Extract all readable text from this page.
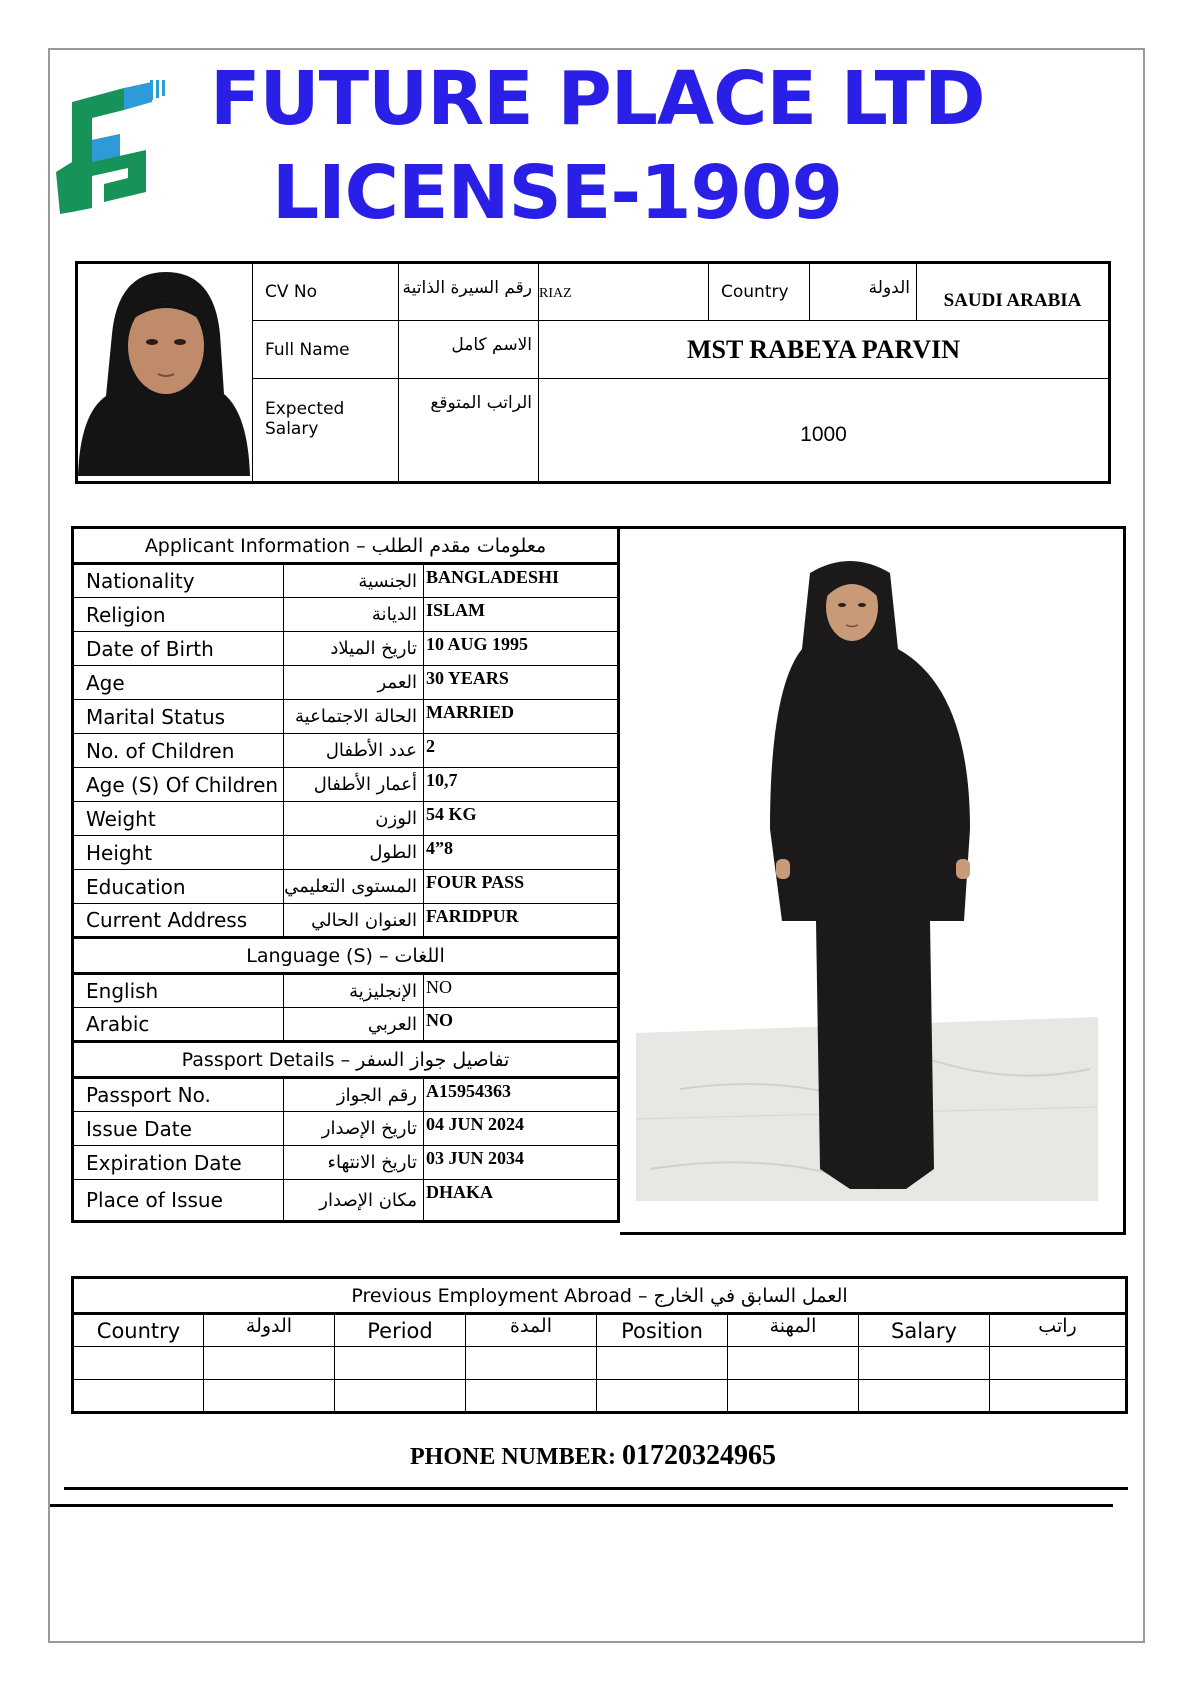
FUTURE PLACE LTD
LICENSE-1909
	CV No	رقم السيرة الذاتية	RIAZ	Country	الدولة	SAUDI ARABIA
	Full Name	الاسم كامل	MST RABEYA PARVIN			
	Expected Salary	الراتب المتوقع	1000			
Applicant Information – معلومات مقدم الطلب		
Nationality	الجنسية	BANGLADESHI
Religion	الديانة	ISLAM
Date of Birth	تاريخ الميلاد	10 AUG 1995
Age	العمر	30 YEARS
Marital Status	الحالة الاجتماعية	MARRIED
No. of Children	عدد الأطفال	2
Age (S) Of Children	أعمار الأطفال	10,7
Weight	الوزن	54 KG
Height	الطول	4”8
Education	المستوى التعليمي	FOUR PASS
Current Address	العنوان الحالي	FARIDPUR
Language (S) – اللغات		
English	الإنجليزية	NO
Arabic	العربي	NO
Passport Details – تفاصيل جواز السفر		
Passport No.	رقم الجواز	A15954363
Issue Date	تاريخ الإصدار	04 JUN 2024
Expiration Date	تاريخ الانتهاء	03 JUN 2034
Place of Issue	مكان الإصدار	DHAKA
Previous Employment Abroad – العمل السابق في الخارج							
Country	الدولة	Period	المدة	Position	المهنة	Salary	راتب

PHONE NUMBER: 01720324965
